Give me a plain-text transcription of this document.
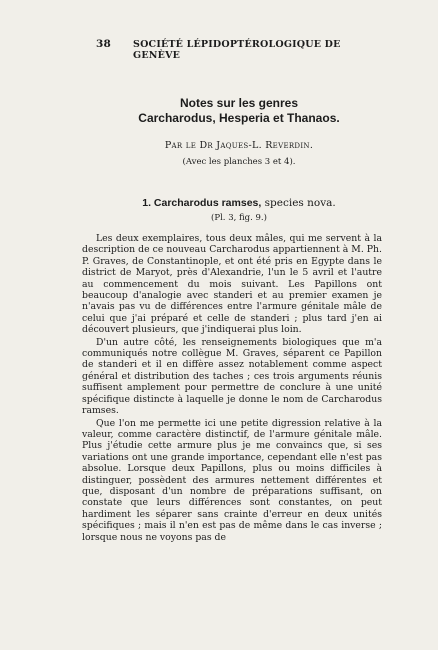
38 SOCIÉTÉ LÉPIDOPTÉROLOGIQUE DE GENÈVE
Notes sur les genres
Carcharodus, Hesperia et Thanaos.
Par le Dr Jaques-L. Reverdin.
(Avec les planches 3 et 4).
1. Carcharodus ramses, species nova.
(Pl. 3, fig. 9.)

Les deux exemplaires, tous deux mâles, qui me servent à la description de ce nouveau Carcharodus appartiennent à M. Ph. P. Graves, de Constantinople, et ont été pris en Egypte dans le district de Maryot, près d'Alexandrie, l'un le 5 avril et l'autre au commencement du mois suivant. Les Papillons ont beaucoup d'analogie avec standeri et au premier examen je n'avais pas vu de différences entre l'armure génitale mâle de celui que j'ai préparé et celle de standeri ; plus tard j'en ai découvert plusieurs, que j'indiquerai plus loin.

D'un autre côté, les renseignements biologiques que m'a communiqués notre collègue M. Graves, séparent ce Papillon de standeri et il en diffère assez notablement comme aspect général et distribution des taches ; ces trois arguments réunis suffisent amplement pour permettre de conclure à une unité spécifique distincte à laquelle je donne le nom de Carcharodus ramses.

Que l'on me permette ici une petite digression relative à la valeur, comme caractère distinctif, de l'armure génitale mâle. Plus j'étudie cette armure plus je me convaincs que, si ses variations ont une grande importance, cependant elle n'est pas absolue. Lorsque deux Papillons, plus ou moins difficiles à distinguer, possèdent des armures nettement différentes et que, disposant d'un nombre de préparations suffisant, on constate que leurs différences sont constantes, on peut hardiment les séparer sans crainte d'erreur en deux unités spécifiques ; mais il n'en est pas de même dans le cas inverse ; lorsque nous ne voyons pas de
